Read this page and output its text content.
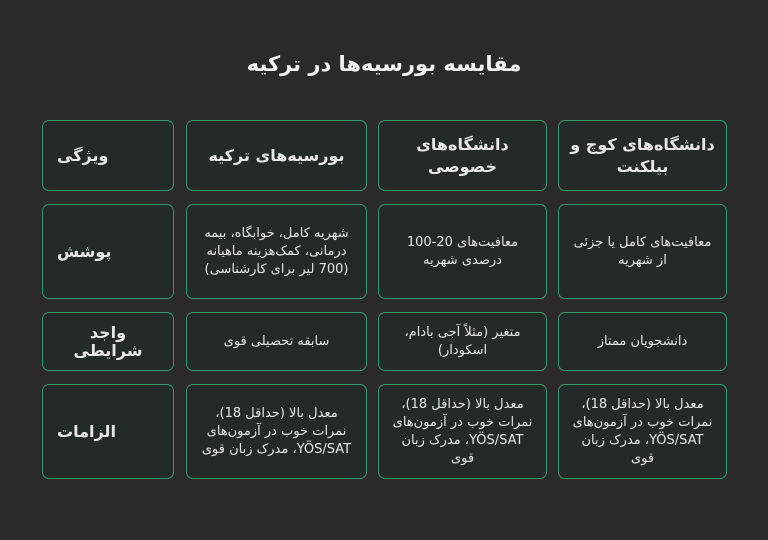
مقایسه بورسیه‌ها در ترکیه
ویژگی	بورسیه‌های ترکیه
دانشگاه‌های خصوصی
دانشگاه‌های کوچ و بیلکنت
پوشش
شهریه کامل، خوابگاه، بیمه درمانی، کمک‌هزینه ماهیانه (700 لیر برای کارشناسی)
معافیت‌های 20-100 درصدی شهریه
معافیت‌های کامل یا جزئی از شهریه
واجد شرایطی	سابقه تحصیلی قوی
متغیر (مثلاً آجی بادام، اسکودار)
دانشجویان ممتاز
الزامات
معدل بالا (حداقل 18)، نمرات خوب در آزمون‌های YÖS/SAT، مدرک زبان قوی
معدل بالا (حداقل 18)، نمرات خوب در آزمون‌های YÖS/SAT، مدرک زبان قوی
معدل بالا (حداقل 18)، نمرات خوب در آزمون‌های YÖS/SAT، مدرک زبان قوی
